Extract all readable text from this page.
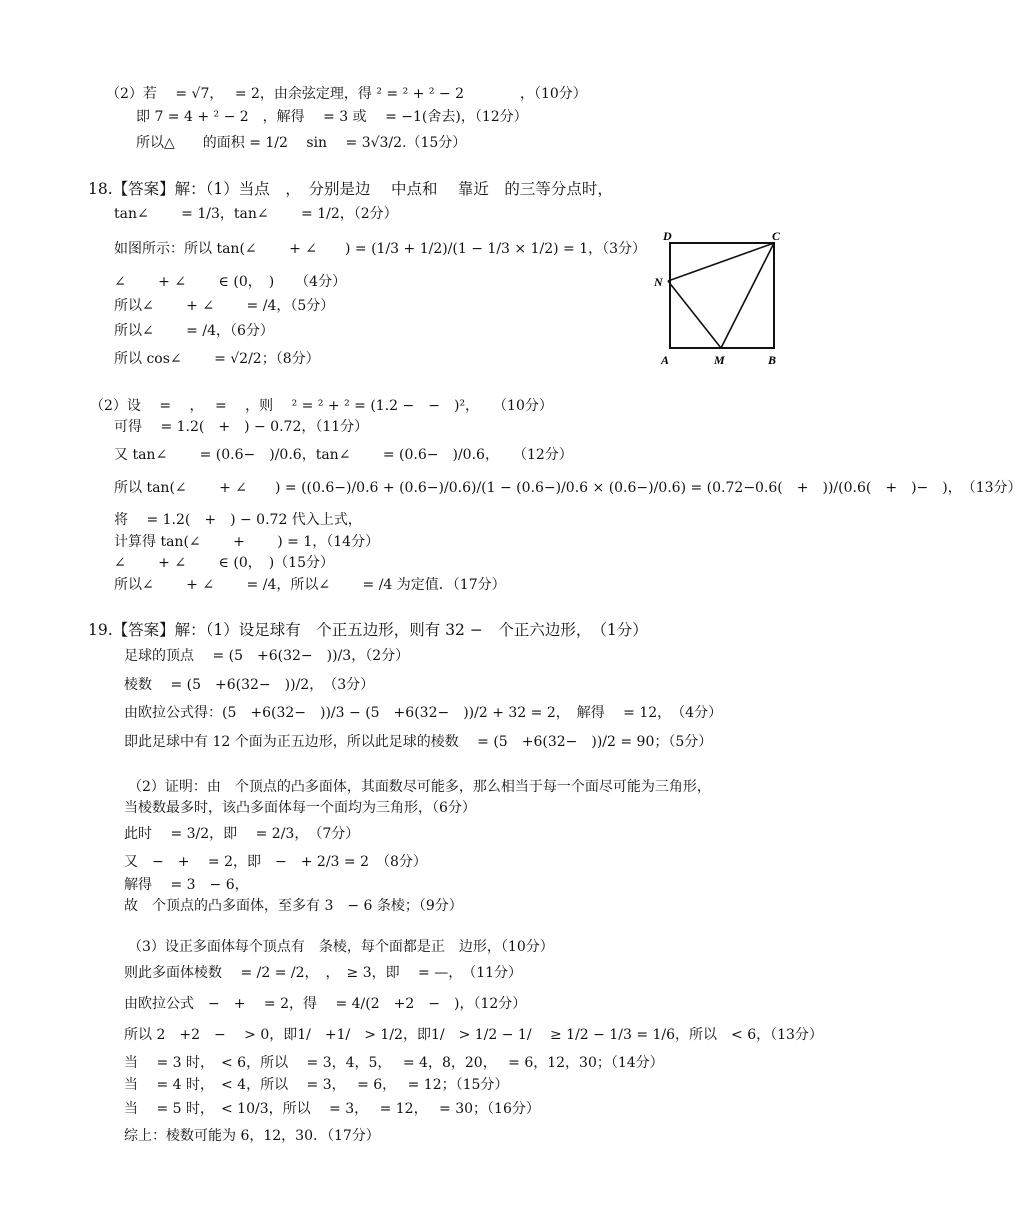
（2）若　 = √7，　 = 2，由余弦定理，得 ² = ² + ² − 2　　　　，（10分）
即 7 = 4 + ² − 2　，解得　 = 3 或　 = −1(舍去)，（12分）
所以△　　的面积 = 1/2　 sin　 = 3√3/2.（15分）
18.【答案】解：（1）当点　，　分别是边　 中点和　 靠近　的三等分点时，
tan∠　　 = 1/3，tan∠　　 = 1/2，（2分）
如图所示：所以 tan(∠　　 + ∠　　) = (1/3 + 1/2)/(1 − 1/3 × 1/2) = 1，（3分）
∠　　 + ∠　　 ∈ (0，　)　　（4分）
所以∠　　 + ∠　　 = /4，（5分）
所以∠　　 = /4，（6分）
所以 cos∠　　 = √2/2；（8分）
D	C
N
A	M	B
（2）设　 = 　，　 = 　，则　 ² = ² + ² = (1.2 −　−　)²，　　（10分）
可得　 = 1.2(　+　) − 0.72，（11分）
又 tan∠　　 = (0.6−　)/0.6，tan∠　　 = (0.6−　)/0.6，　　（12分）
所以 tan(∠　　 + ∠　　) = ((0.6−)/0.6 + (0.6−)/0.6)/(1 − (0.6−)/0.6 × (0.6−)/0.6) = (0.72−0.6(　+　))/(0.6(　+　)−　)，　（13分）
将　 = 1.2(　+　) − 0.72 代入上式，
计算得 tan(∠　　 + 　　) = 1，（14分）
∠　　 + ∠　　 ∈ (0，　)（15分）
所以∠　　 + ∠　　 = /4，所以∠　　 = /4 为定值．（17分）
19.【答案】解：（1）设足球有　个正五边形，则有 32 −　个正六边形，　（1分）
足球的顶点　 = (5　+6(32−　))/3，（2分）
棱数　 = (5　+6(32−　))/2，　（3分）
由欧拉公式得：(5　+6(32−　))/3 − (5　+6(32−　))/2 + 32 = 2，　解得　 = 12，　（4分）
即此足球中有 12 个面为正五边形，所以此足球的棱数　 = (5　+6(32−　))/2 = 90；（5分）
（2）证明：由　个顶点的凸多面体，其面数尽可能多，那么相当于每一个面尽可能为三角形，
当棱数最多时，该凸多面体每一个面均为三角形，（6分）
此时　 = 3/2，即　 = 2/3，　（7分）
又　−　+　 = 2，即　−　+ 2/3 = 2　（8分）
解得　 = 3　− 6，
故　个顶点的凸多面体，至多有 3　− 6 条棱；（9分）
（3）设正多面体每个顶点有　条棱，每个面都是正　边形，（10分）
则此多面体棱数　 = /2 = /2，　，　≥ 3，即　 = —，　（11分）
由欧拉公式　−　+　 = 2，得　 = 4/(2　+2　−　)，（12分）
所以 2　+2　−　 > 0，即1/　+1/　> 1/2，即1/　> 1/2 − 1/　 ≥ 1/2 − 1/3 = 1/6，所以　< 6，（13分）
当　 = 3 时，　< 6，所以　 = 3，4，5，　 = 4，8，20，　 = 6，12，30；（14分）
当　 = 4 时，　< 4，所以　 = 3，　 = 6，　 = 12；（15分）
当　 = 5 时，　< 10/3，所以　 = 3，　 = 12，　 = 30；（16分）
综上：棱数可能为 6，12，30．（17分）
